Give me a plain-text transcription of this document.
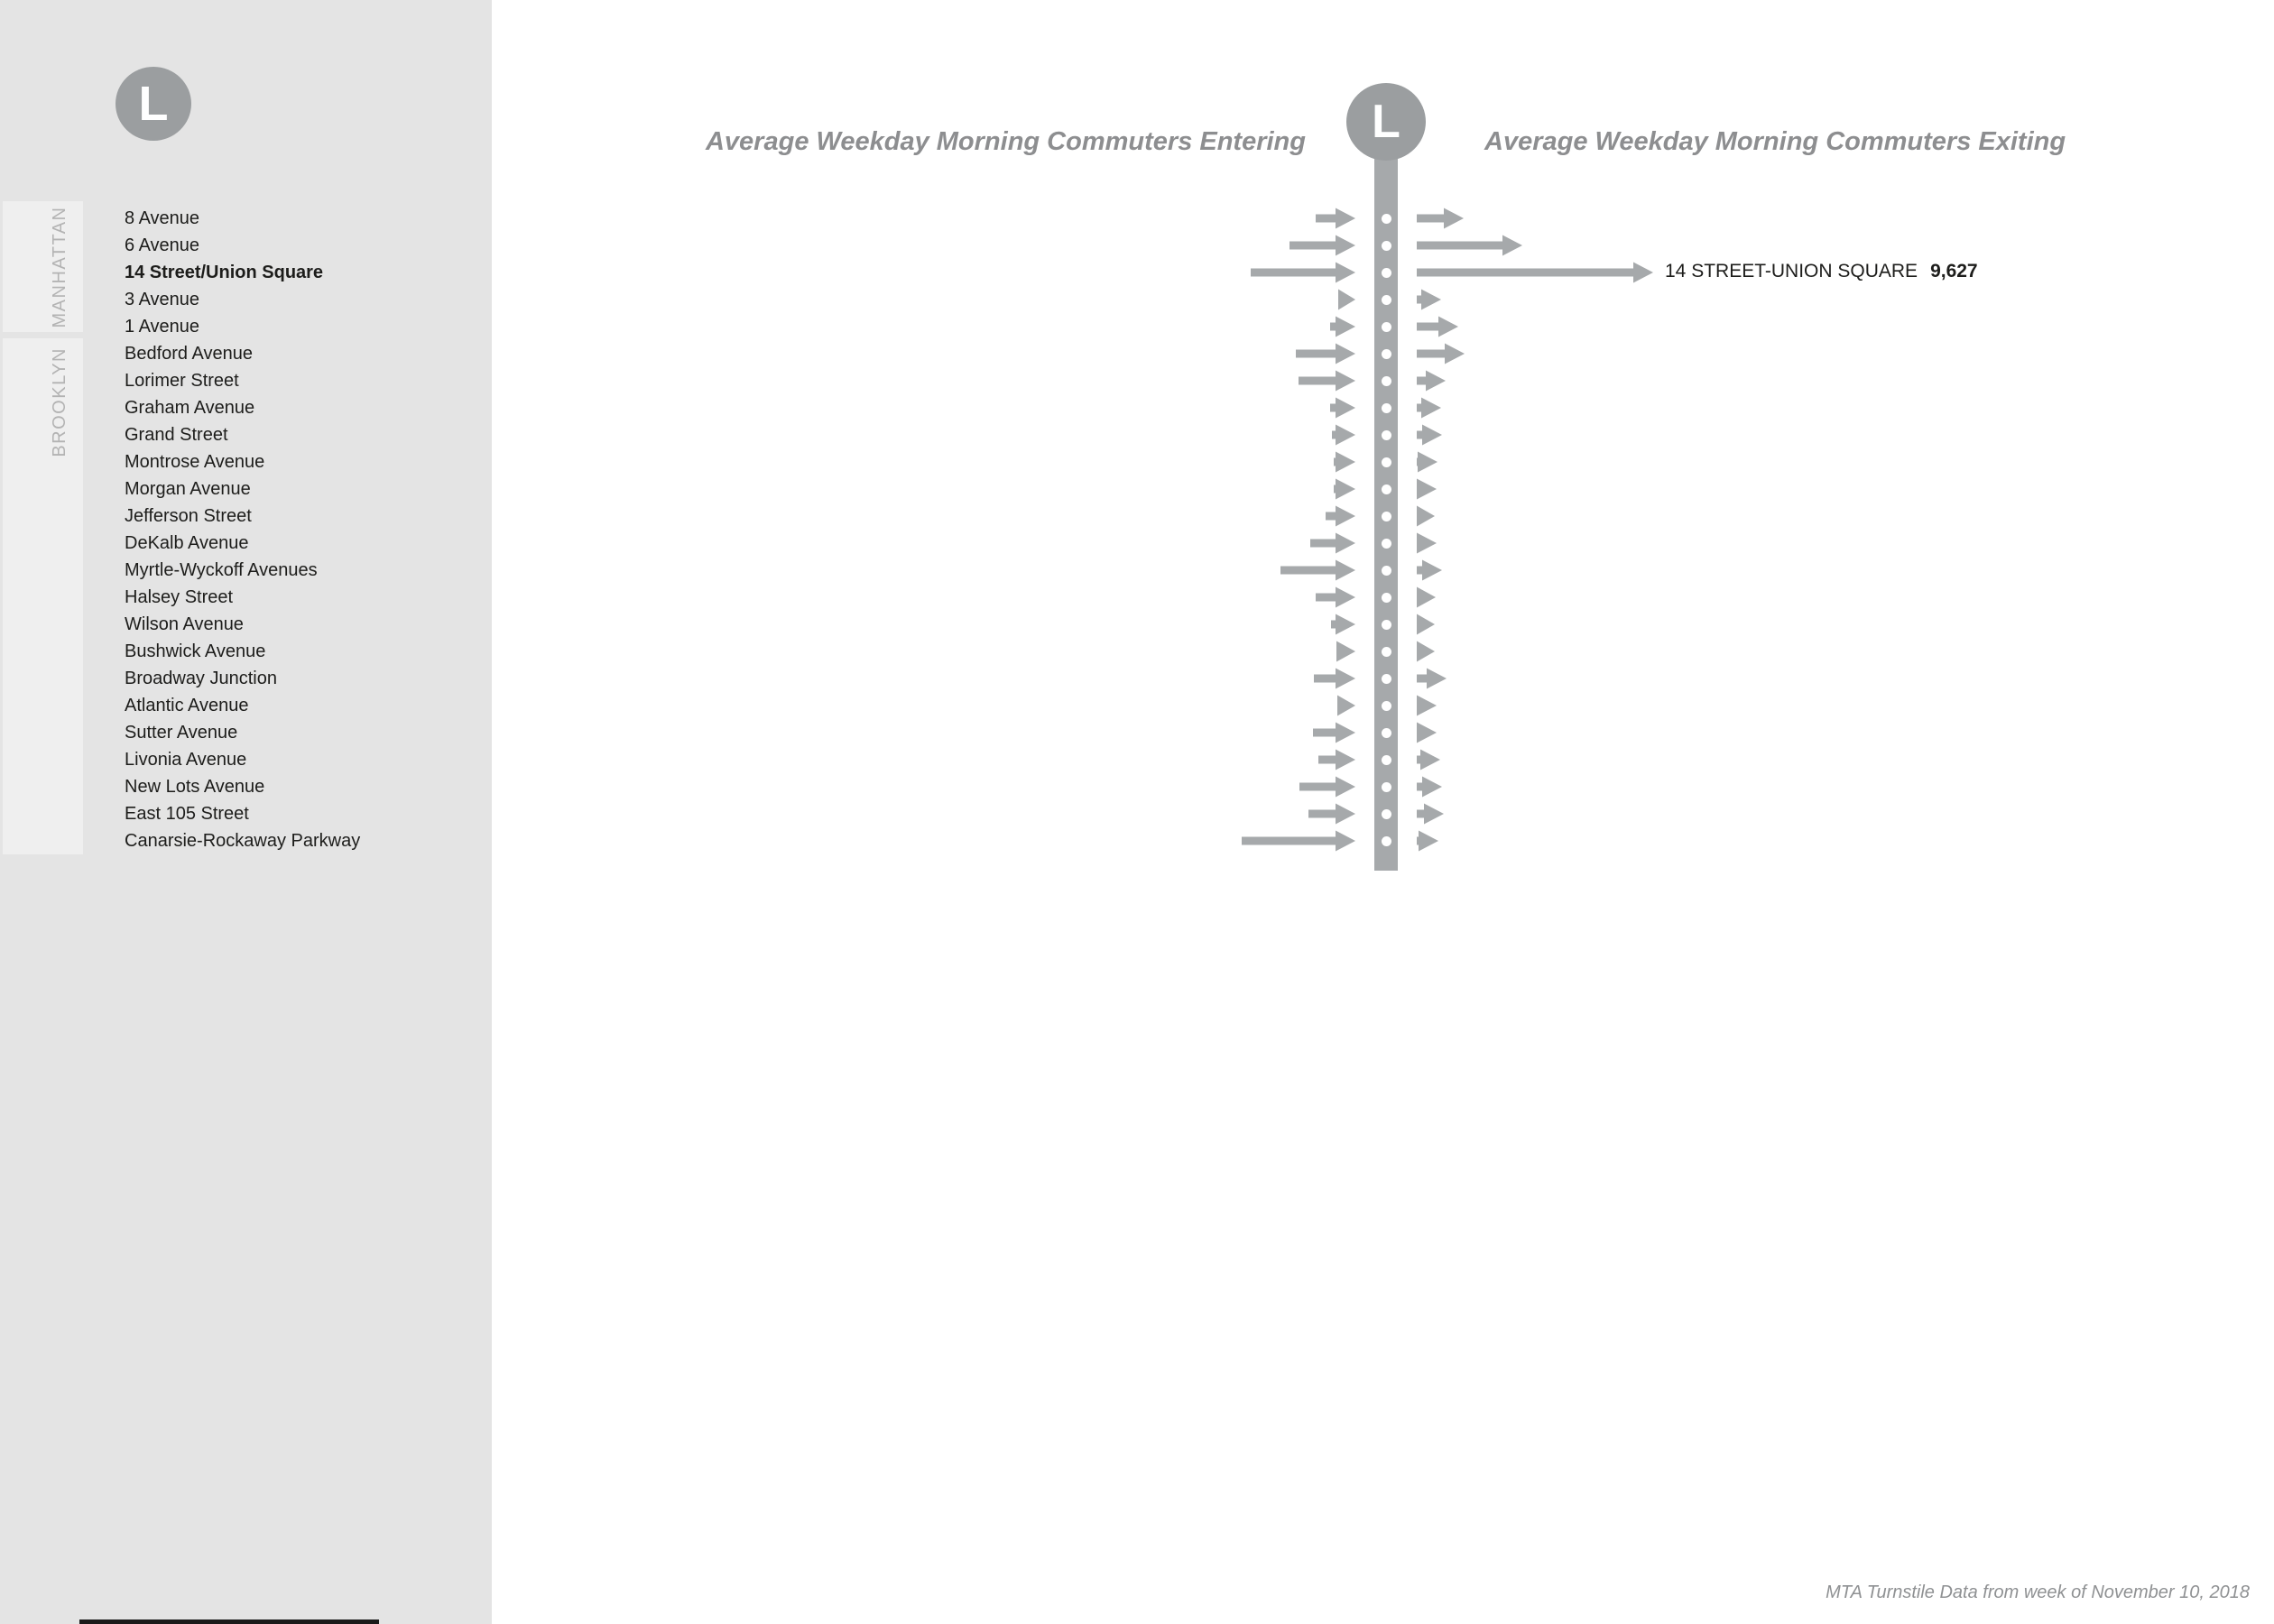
L
MANHATTAN
BROOKLYN
8 Avenue
6 Avenue
14 Street/Union Square
3 Avenue
1 Avenue
Bedford Avenue
Lorimer Street
Graham Avenue
Grand Street
Montrose Avenue
Morgan Avenue
Jefferson Street
DeKalb Avenue
Myrtle-Wyckoff Avenues
Halsey Street
Wilson Avenue
Bushwick Avenue
Broadway Junction
Atlantic Avenue
Sutter Avenue
Livonia Avenue
New Lots Avenue
East 105 Street
Canarsie-Rockaway Parkway
Average Weekday Morning Commuters Entering	Average Weekday Morning Commuters Exiting
L
14 STREET-UNION SQUARE 9,627
MTA Turnstile Data from week of November 10, 2018
